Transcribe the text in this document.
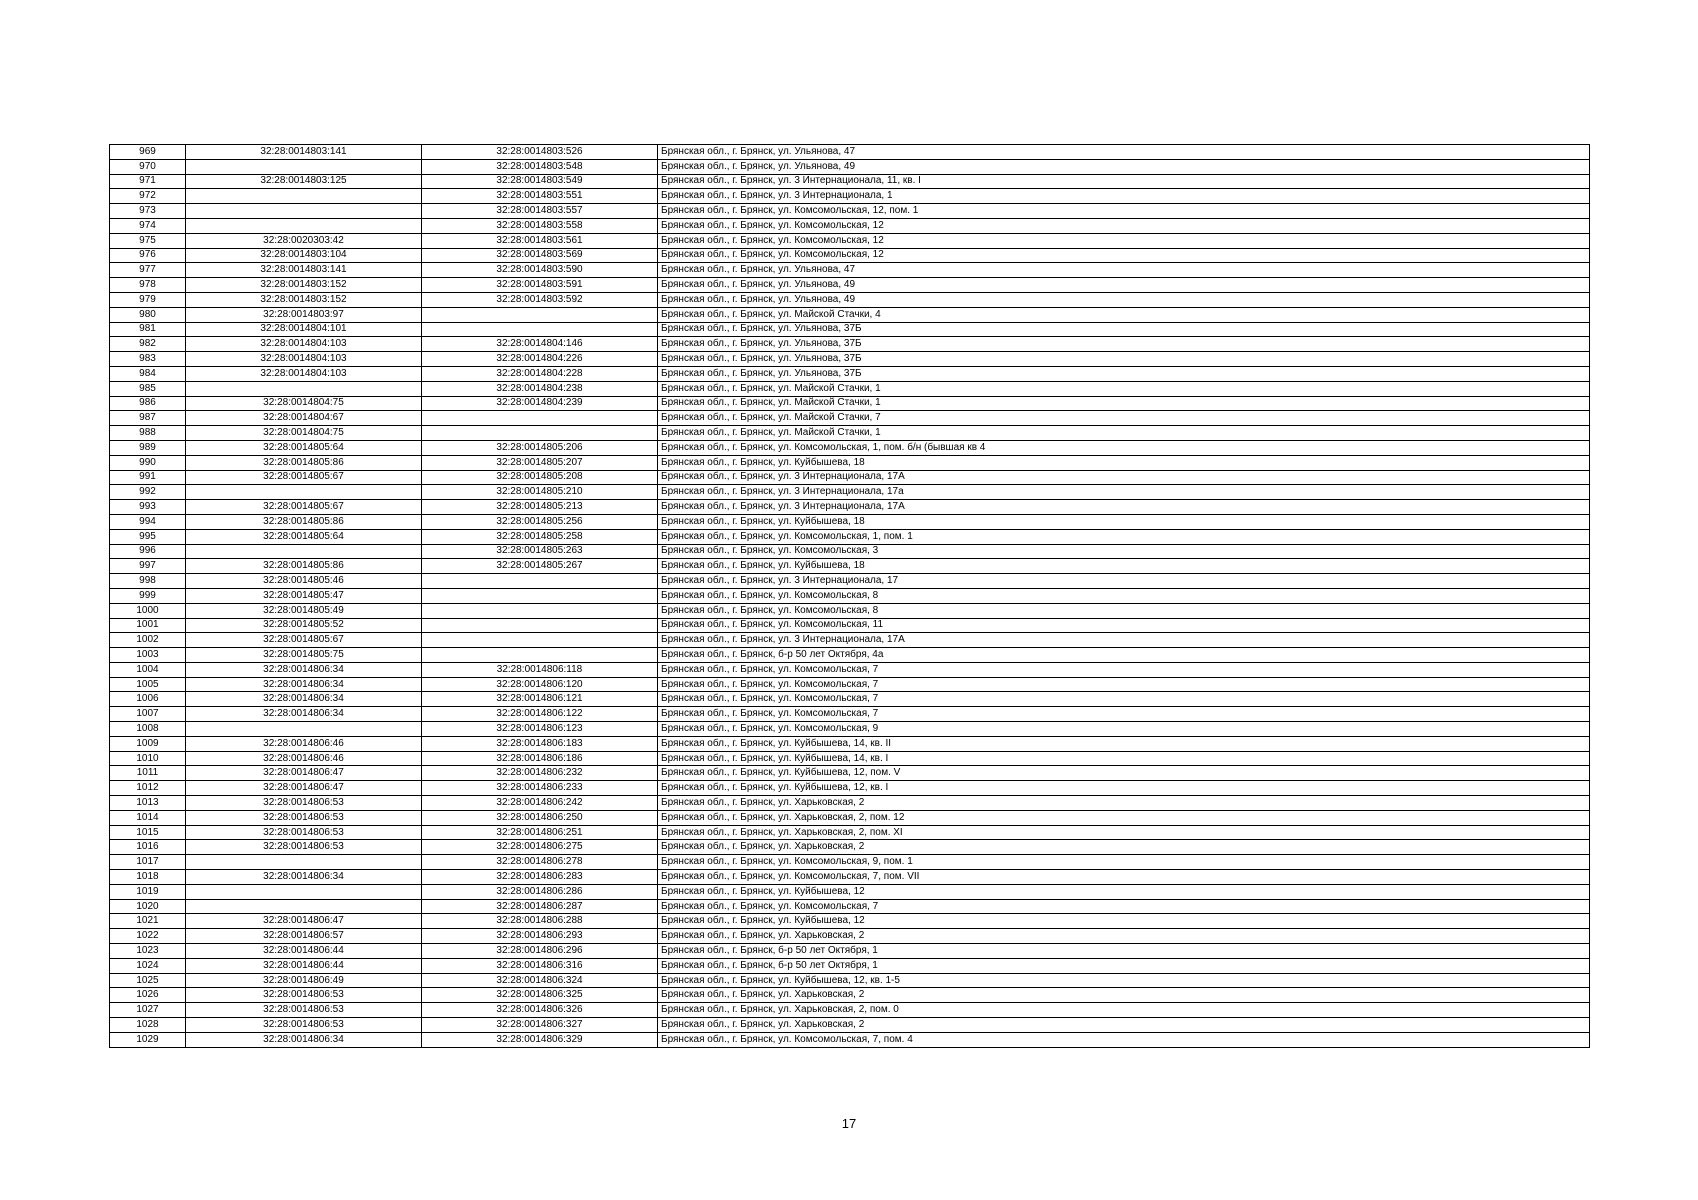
969	32:28:0014803:141	32:28:0014803:526	Брянская обл., г. Брянск, ул. Ульянова, 47
970		32:28:0014803:548	Брянская обл., г. Брянск, ул. Ульянова, 49
971	32:28:0014803:125	32:28:0014803:549	Брянская обл., г. Брянск, ул. 3 Интернационала, 11, кв. I
972		32:28:0014803:551	Брянская обл., г. Брянск, ул. 3 Интернационала, 1
973		32:28:0014803:557	Брянская обл., г. Брянск, ул. Комсомольская, 12, пом. 1
974		32:28:0014803:558	Брянская обл., г. Брянск, ул. Комсомольская, 12
975	32:28:0020303:42	32:28:0014803:561	Брянская обл., г. Брянск, ул. Комсомольская, 12
976	32:28:0014803:104	32:28:0014803:569	Брянская обл., г. Брянск, ул. Комсомольская, 12
977	32:28:0014803:141	32:28:0014803:590	Брянская обл., г. Брянск, ул. Ульянова, 47
978	32:28:0014803:152	32:28:0014803:591	Брянская обл., г. Брянск, ул. Ульянова, 49
979	32:28:0014803:152	32:28:0014803:592	Брянская обл., г. Брянск, ул. Ульянова, 49
980	32:28:0014803:97		Брянская обл., г. Брянск, ул. Майской Стачки, 4
981	32:28:0014804:101		Брянская обл., г. Брянск, ул. Ульянова, 37Б
982	32:28:0014804:103	32:28:0014804:146	Брянская обл., г. Брянск, ул. Ульянова, 37Б
983	32:28:0014804:103	32:28:0014804:226	Брянская обл., г. Брянск, ул. Ульянова, 37Б
984	32:28:0014804:103	32:28:0014804:228	Брянская обл., г. Брянск, ул. Ульянова, 37Б
985		32:28:0014804:238	Брянская обл., г. Брянск, ул. Майской Стачки, 1
986	32:28:0014804:75	32:28:0014804:239	Брянская обл., г. Брянск, ул. Майской Стачки, 1
987	32:28:0014804:67		Брянская обл., г. Брянск, ул. Майской Стачки, 7
988	32:28:0014804:75		Брянская обл., г. Брянск, ул. Майской Стачки, 1
989	32:28:0014805:64	32:28:0014805:206	Брянская обл., г. Брянск, ул. Комсомольская, 1, пом. б/н (бывшая кв 4
990	32:28:0014805:86	32:28:0014805:207	Брянская обл., г. Брянск, ул. Куйбышева, 18
991	32:28:0014805:67	32:28:0014805:208	Брянская обл., г. Брянск, ул. 3 Интернационала, 17А
992		32:28:0014805:210	Брянская обл., г. Брянск, ул. 3 Интернационала, 17а
993	32:28:0014805:67	32:28:0014805:213	Брянская обл., г. Брянск, ул. 3 Интернационала, 17А
994	32:28:0014805:86	32:28:0014805:256	Брянская обл., г. Брянск, ул. Куйбышева, 18
995	32:28:0014805:64	32:28:0014805:258	Брянская обл., г. Брянск, ул. Комсомольская, 1, пом. 1
996		32:28:0014805:263	Брянская обл., г. Брянск, ул. Комсомольская, 3
997	32:28:0014805:86	32:28:0014805:267	Брянская обл., г. Брянск, ул. Куйбышева, 18
998	32:28:0014805:46		Брянская обл., г. Брянск, ул. 3 Интернационала, 17
999	32:28:0014805:47		Брянская обл., г. Брянск, ул. Комсомольская, 8
1000	32:28:0014805:49		Брянская обл., г. Брянск, ул. Комсомольская, 8
1001	32:28:0014805:52		Брянская обл., г. Брянск, ул. Комсомольская, 11
1002	32:28:0014805:67		Брянская обл., г. Брянск, ул. 3 Интернационала, 17А
1003	32:28:0014805:75		Брянская обл., г. Брянск, б-р 50 лет Октября, 4а
1004	32:28:0014806:34	32:28:0014806:118	Брянская обл., г. Брянск, ул. Комсомольская, 7
1005	32:28:0014806:34	32:28:0014806:120	Брянская обл., г. Брянск, ул. Комсомольская, 7
1006	32:28:0014806:34	32:28:0014806:121	Брянская обл., г. Брянск, ул. Комсомольская, 7
1007	32:28:0014806:34	32:28:0014806:122	Брянская обл., г. Брянск, ул. Комсомольская, 7
1008		32:28:0014806:123	Брянская обл., г. Брянск, ул. Комсомольская, 9
1009	32:28:0014806:46	32:28:0014806:183	Брянская обл., г. Брянск, ул. Куйбышева, 14, кв. II
1010	32:28:0014806:46	32:28:0014806:186	Брянская обл., г. Брянск, ул. Куйбышева, 14, кв. I
1011	32:28:0014806:47	32:28:0014806:232	Брянская обл., г. Брянск, ул. Куйбышева, 12, пом. V
1012	32:28:0014806:47	32:28:0014806:233	Брянская обл., г. Брянск, ул. Куйбышева, 12, кв. I
1013	32:28:0014806:53	32:28:0014806:242	Брянская обл., г. Брянск, ул. Харьковская, 2
1014	32:28:0014806:53	32:28:0014806:250	Брянская обл., г. Брянск, ул. Харьковская, 2, пом. 12
1015	32:28:0014806:53	32:28:0014806:251	Брянская обл., г. Брянск, ул. Харьковская, 2, пом. XI
1016	32:28:0014806:53	32:28:0014806:275	Брянская обл., г. Брянск, ул. Харьковская, 2
1017		32:28:0014806:278	Брянская обл., г. Брянск, ул. Комсомольская, 9, пом. 1
1018	32:28:0014806:34	32:28:0014806:283	Брянская обл., г. Брянск, ул. Комсомольская, 7, пом. VII
1019		32:28:0014806:286	Брянская обл., г. Брянск, ул. Куйбышева, 12
1020		32:28:0014806:287	Брянская обл., г. Брянск, ул. Комсомольская, 7
1021	32:28:0014806:47	32:28:0014806:288	Брянская обл., г. Брянск, ул. Куйбышева, 12
1022	32:28:0014806:57	32:28:0014806:293	Брянская обл., г. Брянск, ул. Харьковская, 2
1023	32:28:0014806:44	32:28:0014806:296	Брянская обл., г. Брянск, б-р 50 лет Октября, 1
1024	32:28:0014806:44	32:28:0014806:316	Брянская обл., г. Брянск, б-р 50 лет Октября, 1
1025	32:28:0014806:49	32:28:0014806:324	Брянская обл., г. Брянск, ул. Куйбышева, 12, кв. 1-5
1026	32:28:0014806:53	32:28:0014806:325	Брянская обл., г. Брянск, ул. Харьковская, 2
1027	32:28:0014806:53	32:28:0014806:326	Брянская обл., г. Брянск, ул. Харьковская, 2, пом. 0
1028	32:28:0014806:53	32:28:0014806:327	Брянская обл., г. Брянск, ул. Харьковская, 2
1029	32:28:0014806:34	32:28:0014806:329	Брянская обл., г. Брянск, ул. Комсомольская, 7, пом. 4
17
